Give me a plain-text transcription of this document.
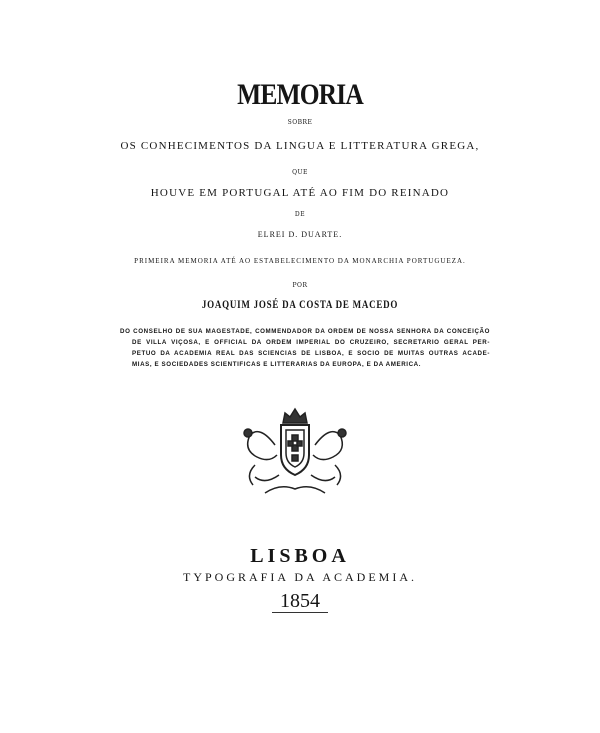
MEMORIA
SOBRE
OS CONHECIMENTOS DA LINGUA E LITTERATURA GREGA,
QUE
HOUVE EM PORTUGAL ATÉ AO FIM DO REINADO
DE
ELREI D. DUARTE.
PRIMEIRA MEMORIA ATÉ AO ESTABELECIMENTO DA MONARCHIA PORTUGUEZA.
POR
JOAQUIM JOSÉ DA COSTA DE MACEDO
DO CONSELHO DE SUA MAGESTADE, COMMENDADOR DA ORDEM DE NOSSA SENHORA DA CONCEIÇÃO
DE VILLA VIÇOSA, E OFFICIAL DA ORDEM IMPERIAL DO CRUZEIRO, SECRETARIO GERAL PER-
PETUO DA ACADEMIA REAL DAS SCIENCIAS DE LISBOA, E SOCIO DE MUITAS OUTRAS ACADE-
MIAS, E SOCIEDADES SCIENTIFICAS E LITTERARIAS DA EUROPA, E DA AMERICA.
LISBOA
TYPOGRAFIA DA ACADEMIA.
1854
